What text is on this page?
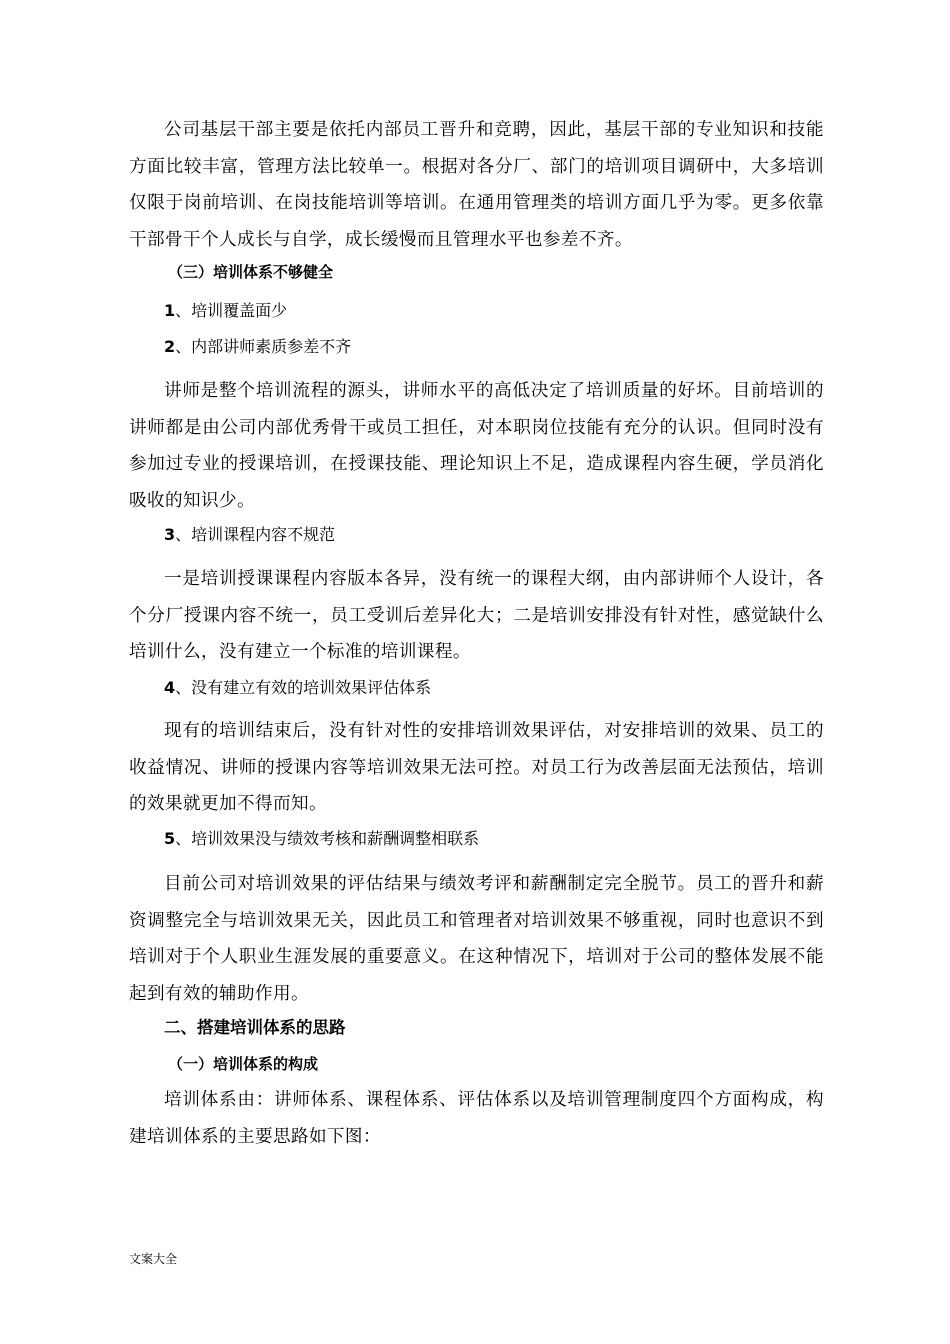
公司基层干部主要是依托内部员工晋升和竞聘，因此，基层干部的专业知识和技能方面比较丰富，管理方法比较单一。根据对各分厂、部门的培训项目调研中，大多培训仅限于岗前培训、在岗技能培训等培训。在通用管理类的培训方面几乎为零。更多依靠干部骨干个人成长与自学，成长缓慢而且管理水平也参差不齐。

（三）培训体系不够健全
1、培训覆盖面少
2、内部讲师素质参差不齐

讲师是整个培训流程的源头，讲师水平的高低决定了培训质量的好坏。目前培训的讲师都是由公司内部优秀骨干或员工担任，对本职岗位技能有充分的认识。但同时没有参加过专业的授课培训，在授课技能、理论知识上不足，造成课程内容生硬，学员消化吸收的知识少。

3、培训课程内容不规范

一是培训授课课程内容版本各异，没有统一的课程大纲，由内部讲师个人设计，各个分厂授课内容不统一，员工受训后差异化大；二是培训安排没有针对性，感觉缺什么培训什么，没有建立一个标准的培训课程。

4、没有建立有效的培训效果评估体系

现有的培训结束后，没有针对性的安排培训效果评估，对安排培训的效果、员工的收益情况、讲师的授课内容等培训效果无法可控。对员工行为改善层面无法预估，培训的效果就更加不得而知。

5、培训效果没与绩效考核和薪酬调整相联系

目前公司对培训效果的评估结果与绩效考评和薪酬制定完全脱节。员工的晋升和薪资调整完全与培训效果无关，因此员工和管理者对培训效果不够重视，同时也意识不到培训对于个人职业生涯发展的重要意义。在这种情况下，培训对于公司的整体发展不能起到有效的辅助作用。

二、搭建培训体系的思路
（一）培训体系的构成

培训体系由：讲师体系、课程体系、评估体系以及培训管理制度四个方面构成，构建培训体系的主要思路如下图：

文案大全
